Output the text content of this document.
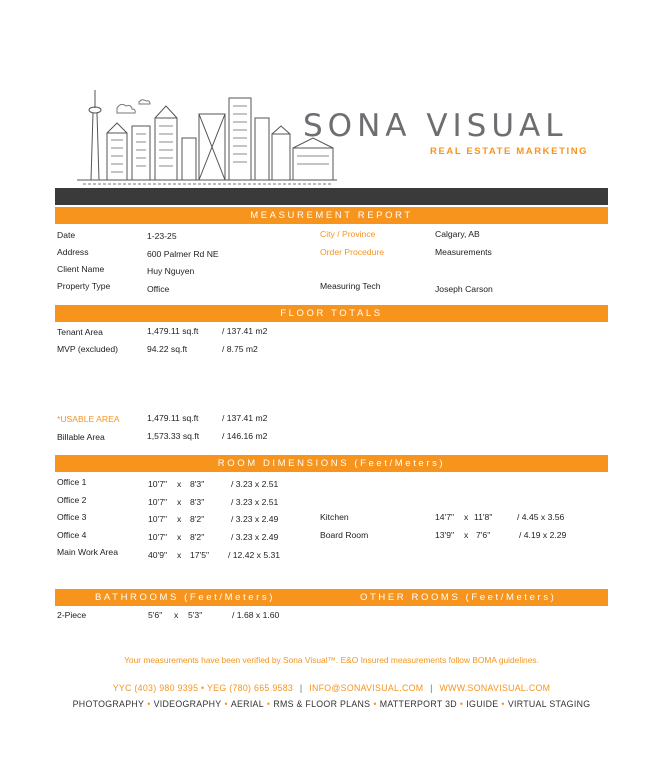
SONA VISUAL
REAL ESTATE MARKETING
MEASUREMENT REPORT
Date	1-23-25
Address	600 Palmer Rd NE
Client Name	Huy Nguyen
Property Type	Office
City / Province	Calgary, AB
Order Procedure	Measurements
Measuring Tech	Joseph Carson
FLOOR TOTALS
Tenant Area	1,479.11 sq.ft	/ 137.41 m2
MVP (excluded)	94.22 sq.ft	/ 8.75 m2
*USABLE AREA	1,479.11 sq.ft	/ 137.41 m2
Billable Area	1,573.33 sq.ft	/ 146.16 m2
ROOM DIMENSIONS (Feet/Meters)
Office 1	10'7" x 8'3"	/ 3.23 x 2.51
Office 2	10'7" x 8'3"	/ 3.23 x 2.51
Office 3	10'7" x 8'2"	/ 3.23 x 2.49
Office 4	10'7" x 8'2"	/ 3.23 x 2.49
Main Work Area	40'9" x 17'5" / 12.42 x 5.31
Kitchen	14'7" x 11'8"	/ 4.45 x 3.56
Board Room	13'9" x 7'6"	/ 4.19 x 2.29
BATHROOMS (Feet/Meters)	OTHER ROOMS (Feet/Meters)
2-Piece	5'6" x 5'3"	/ 1.68 x 1.60
Your measurements have been verified by Sona Visual™. E&O Insured measurements follow BOMA guidelines.
YYC (403) 980 9395 • YEG (780) 665 9583 | INFO@SONAVISUAL.COM | WWW.SONAVISUAL.COM
PHOTOGRAPHY • VIDEOGRAPHY • AERIAL • RMS & FLOOR PLANS • MATTERPORT 3D • IGUIDE • VIRTUAL STAGING
